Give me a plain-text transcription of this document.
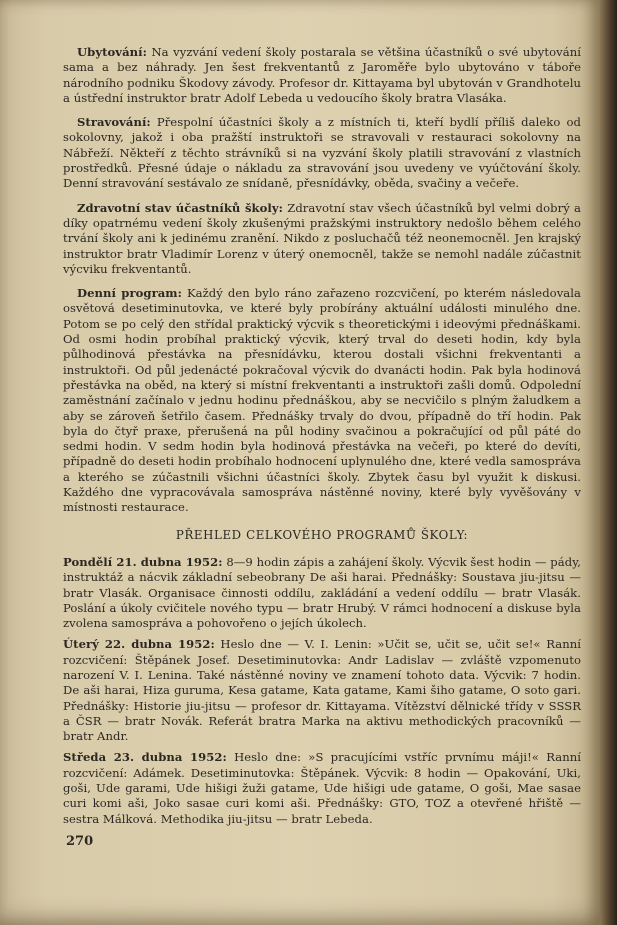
Ubytování: Na vyzvání vedení školy postarala se většina účastníků o své ubytování sama a bez náhrady. Jen šest frekventantů z Jaroměře bylo ubytováno v táboře národního podniku Škodovy závody. Profesor dr. Kittayama byl ubytován v Grandhotelu a ústřední instruktor bratr Adolf Lebeda u vedoucího školy bratra Vlasáka.

Stravování: Přespolní účastníci školy a z místních ti, kteří bydlí příliš daleko od sokolovny, jakož i oba pražští instruktoři se stravovali v restauraci sokolovny na Nábřeží. Někteří z těchto strávníků si na vyzvání školy platili stravování z vlastních prostředků. Přesné údaje o nákladu za stravování jsou uvedeny ve vyúčtování školy. Denní stravování sestávalo ze snídaně, přesnídávky, oběda, svačiny a večeře.

Zdravotní stav účastníků školy: Zdravotní stav všech účastníků byl velmi dobrý a díky opatrnému vedení školy zkušenými pražskými instruktory nedošlo během celého trvání školy ani k jedinému zranění. Nikdo z posluchačů též neonemocněl. Jen krajský instruktor bratr Vladimír Lorenz v úterý onemocněl, takže se nemohl nadále zúčastnit výcviku frekventantů.

Denní program: Každý den bylo ráno zařazeno rozcvičení, po kterém následovala osvětová desetiminutovka, ve které byly probírány aktuální události minulého dne. Potom se po celý den střídal praktický výcvik s theoretickými i ideovými přednáškami. Od osmi hodin probíhal praktický výcvik, který trval do deseti hodin, kdy byla půlhodinová přestávka na přesnídávku, kterou dostali všichni frekventanti a instruktoři. Od půl jedenácté pokračoval výcvik do dvanácti hodin. Pak byla hodinová přestávka na oběd, na který si místní frekventanti a instruktoři zašli domů. Odpolední zaměstnání začínalo v jednu hodinu přednáškou, aby se necvičilo s plným žaludkem a aby se zároveň šetřilo časem. Přednášky trvaly do dvou, případně do tří hodin. Pak byla do čtyř praxe, přerušená na půl hodiny svačinou a pokračující od půl páté do sedmi hodin. V sedm hodin byla hodinová přestávka na večeři, po které do devíti, případně do deseti hodin probíhalo hodnocení uplynulého dne, které vedla samospráva a kterého se zúčastnili všichni účastníci školy. Zbytek času byl využit k diskusi. Každého dne vypracovávala samospráva nástěnné noviny, které byly vyvěšovány v místnosti restaurace.

PŘEHLED CELKOVÉHO PROGRAMŮ ŠKOLY:

Pondělí 21. dubna 1952: 8—9 hodin zápis a zahájení školy. Výcvik šest hodin — pády, instruktáž a nácvik základní sebeobrany De aši harai. Přednášky: Soustava jiu-jitsu — bratr Vlasák. Organisace činnosti oddílu, zakládání a vedení oddílu — bratr Vlasák. Poslání a úkoly cvičitele nového typu — bratr Hrubý. V rámci hodnocení a diskuse byla zvolena samospráva a pohovořeno o jejích úkolech.

Úterý 22. dubna 1952: Heslo dne — V. I. Lenin: »Učit se, učit se, učit se!« Ranní rozcvičení: Štěpánek Josef. Desetiminutovka: Andr Ladislav — zvláště vzpomenuto narození V. I. Lenina. Také nástěnné noviny ve znamení tohoto data. Výcvik: 7 hodin. De aši harai, Hiza guruma, Kesa gatame, Kata gatame, Kami šiho gatame, O soto gari. Přednášky: Historie jiu-jitsu — profesor dr. Kittayama. Vítězství dělnické třídy v SSSR a ČSR — bratr Novák. Referát bratra Marka na aktivu methodických pracovníků — bratr Andr.

Středa 23. dubna 1952: Heslo dne: »S pracujícími vstříc prvnímu máji!« Ranní rozcvičení: Adámek. Desetiminutovka: Štěpánek. Výcvik: 8 hodin — Opakování, Uki, goši, Ude garami, Ude hišigi žuži gatame, Ude hišigi ude gatame, O goši, Mae sasae curi komi aši, Joko sasae curi komi aši. Přednášky: GTO, TOZ a otevřené hřiště — sestra Málková. Methodika jiu-jitsu — bratr Lebeda.

270
